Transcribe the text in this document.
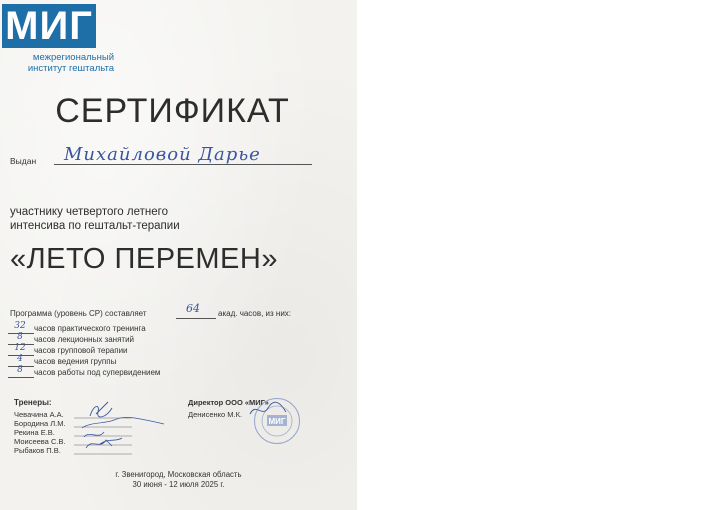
МИГ
межрегиональный
институт гештальта
СЕРТИФИКАТ
Выдан Михайловой Дарье
участнику четвертого летнего
интенсива по гештальт-терапии
«ЛЕТО ПЕРЕМЕН»
Программа (уровень СР) составляет	64 акад. часов, из них:
32	часов практического тренинга
8	часов лекционных занятий
12	часов групповой терапии
4	часов ведения группы
8	часов работы под супервидением
Тренеры:
Чевачина А.А.
Бородина Л.М.
Рекина Е.В.
Моисеева С.В.
Рыбаков П.В.
Директор ООО «МИГ»
Денисенко М.К.
МИГ
г. Звенигород, Московская область
30 июня - 12 июля 2025 г.
